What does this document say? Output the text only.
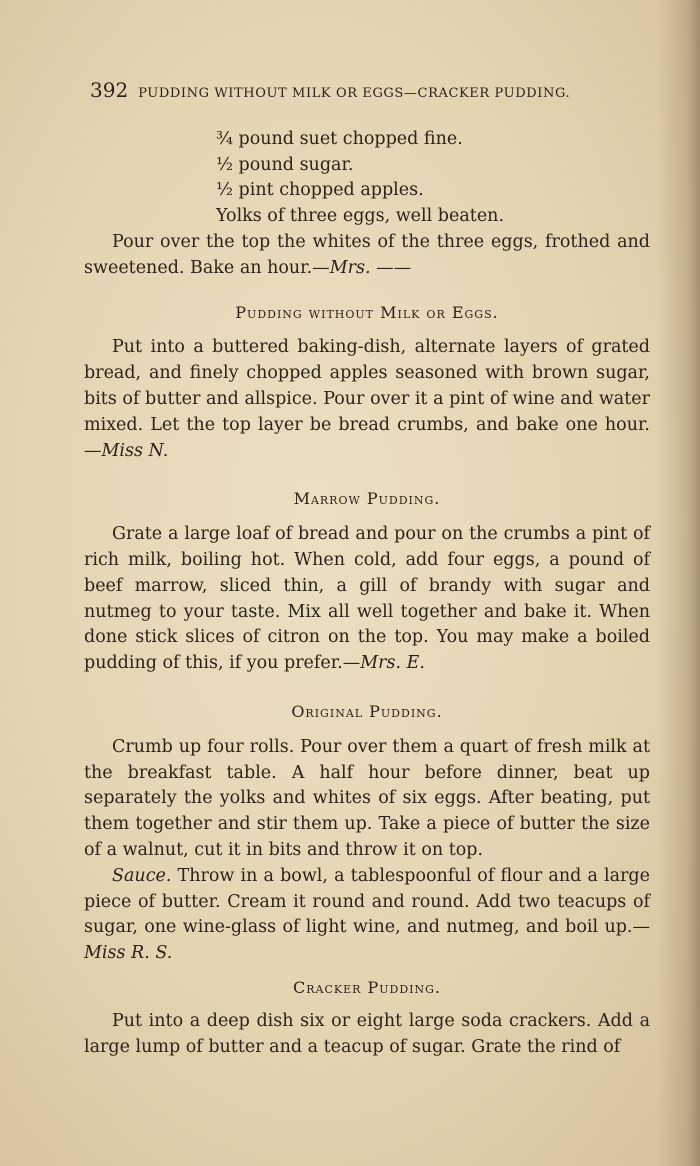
392 PUDDING WITHOUT MILK OR EGGS—CRACKER PUDDING.
¾ pound suet chopped fine.
½ pound sugar.
½ pint chopped apples.
Yolks of three eggs, well beaten.

Pour over the top the whites of the three eggs, frothed and sweetened. Bake an hour.—Mrs. ——

Pudding without Milk or Eggs.

Put into a buttered baking-dish, alternate layers of grated bread, and finely chopped apples seasoned with brown sugar, bits of butter and allspice. Pour over it a pint of wine and water mixed. Let the top layer be bread crumbs, and bake one hour.—Miss N.

Marrow Pudding.

Grate a large loaf of bread and pour on the crumbs a pint of rich milk, boiling hot. When cold, add four eggs, a pound of beef marrow, sliced thin, a gill of brandy with sugar and nutmeg to your taste. Mix all well together and bake it. When done stick slices of citron on the top. You may make a boiled pudding of this, if you prefer.—Mrs. E.

Original Pudding.

Crumb up four rolls. Pour over them a quart of fresh milk at the breakfast table. A half hour before dinner, beat up separately the yolks and whites of six eggs. After beating, put them together and stir them up. Take a piece of butter the size of a walnut, cut it in bits and throw it on top.

Sauce. Throw in a bowl, a tablespoonful of flour and a large piece of butter. Cream it round and round. Add two teacups of sugar, one wine-glass of light wine, and nutmeg, and boil up.— Miss R. S.

Cracker Pudding.

Put into a deep dish six or eight large soda crackers. Add a large lump of butter and a teacup of sugar. Grate the rind of
